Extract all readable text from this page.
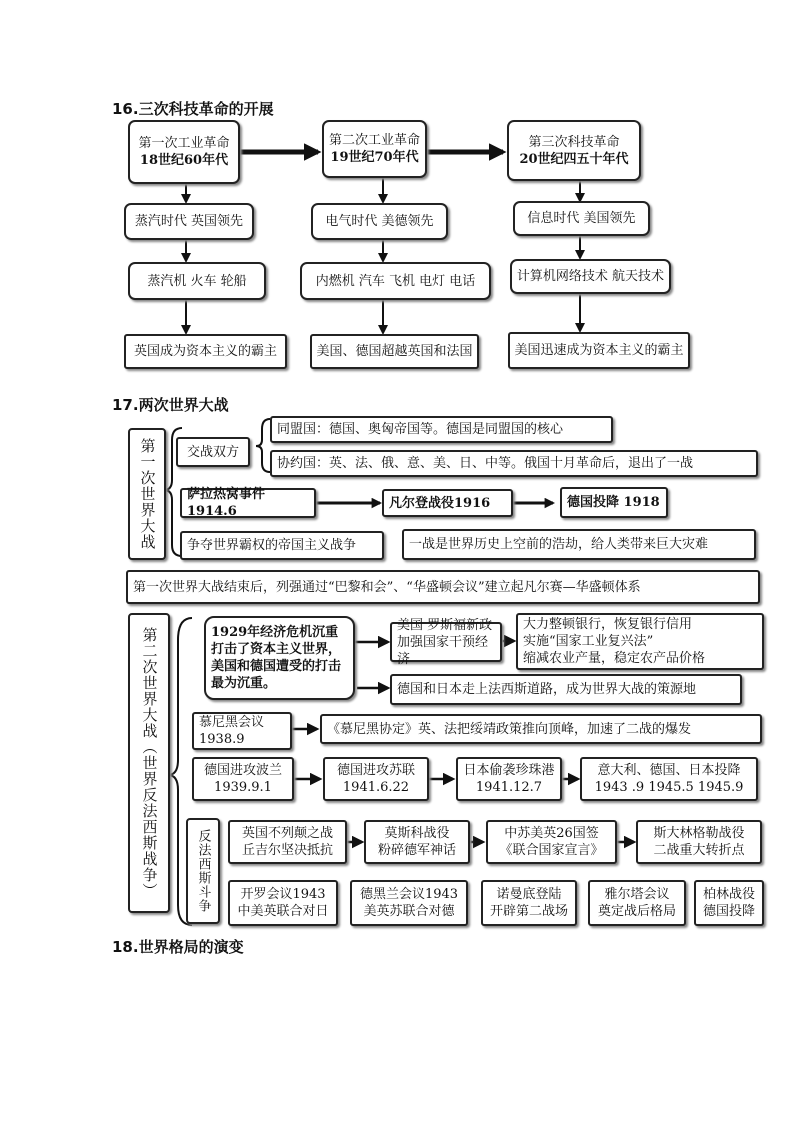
16.三次科技革命的开展
第一次工业革命
18世纪60年代
第二次工业革命
19世纪70年代
第三次科技革命
20世纪四五十年代
蒸汽时代 英国领先	电气时代 美德领先	信息时代 美国领先
蒸汽机 火车 轮船	内燃机 汽车 飞机 电灯 电话	计算机网络技术 航天技术
英国成为资本主义的霸主	美国、德国超越英国和法国	美国迅速成为资本主义的霸主
17.两次世界大战
第一次世界大战	交战双方
同盟国：德国、奥匈帝国等。德国是同盟国的核心
协约国：英、法、俄、意、美、日、中等。俄国十月革命后，退出了一战
萨拉热窝事件1914.6
凡尔登战役1916	德国投降 1918
争夺世界霸权的帝国主义战争	一战是世界历史上空前的浩劫，给人类带来巨大灾难
第一次世界大战结束后，列强通过“巴黎和会”、“华盛顿会议”建立起凡尔赛—华盛顿体系
第二次世界大战（世界反法西斯战争）	1929年经济危机沉重打击了资本主义世界，美国和德国遭受的打击最为沉重。
美国 罗斯福新政
加强国家干预经济
大力整顿银行，恢复银行信用
实施“国家工业复兴法”
缩减农业产量，稳定农产品价格
德国和日本走上法西斯道路，成为世界大战的策源地
慕尼黑会议
1938.9
《慕尼黑协定》英、法把绥靖政策推向顶峰，加速了二战的爆发
德国进攻波兰
1939.9.1
德国进攻苏联
1941.6.22
日本偷袭珍珠港
1941.12.7
意大利、德国、日本投降
1943 .9 1945.5 1945.9
反法西斯斗争	英国不列颠之战
丘吉尔坚决抵抗
莫斯科战役
粉碎德军神话
中苏美英26国签
《联合国家宣言》
斯大林格勒战役
二战重大转折点
开罗会议1943
中美英联合对日
德黑兰会议1943
美英苏联合对德
诺曼底登陆
开辟第二战场
雅尔塔会议
奠定战后格局
柏林战役
德国投降
18.世界格局的演变
